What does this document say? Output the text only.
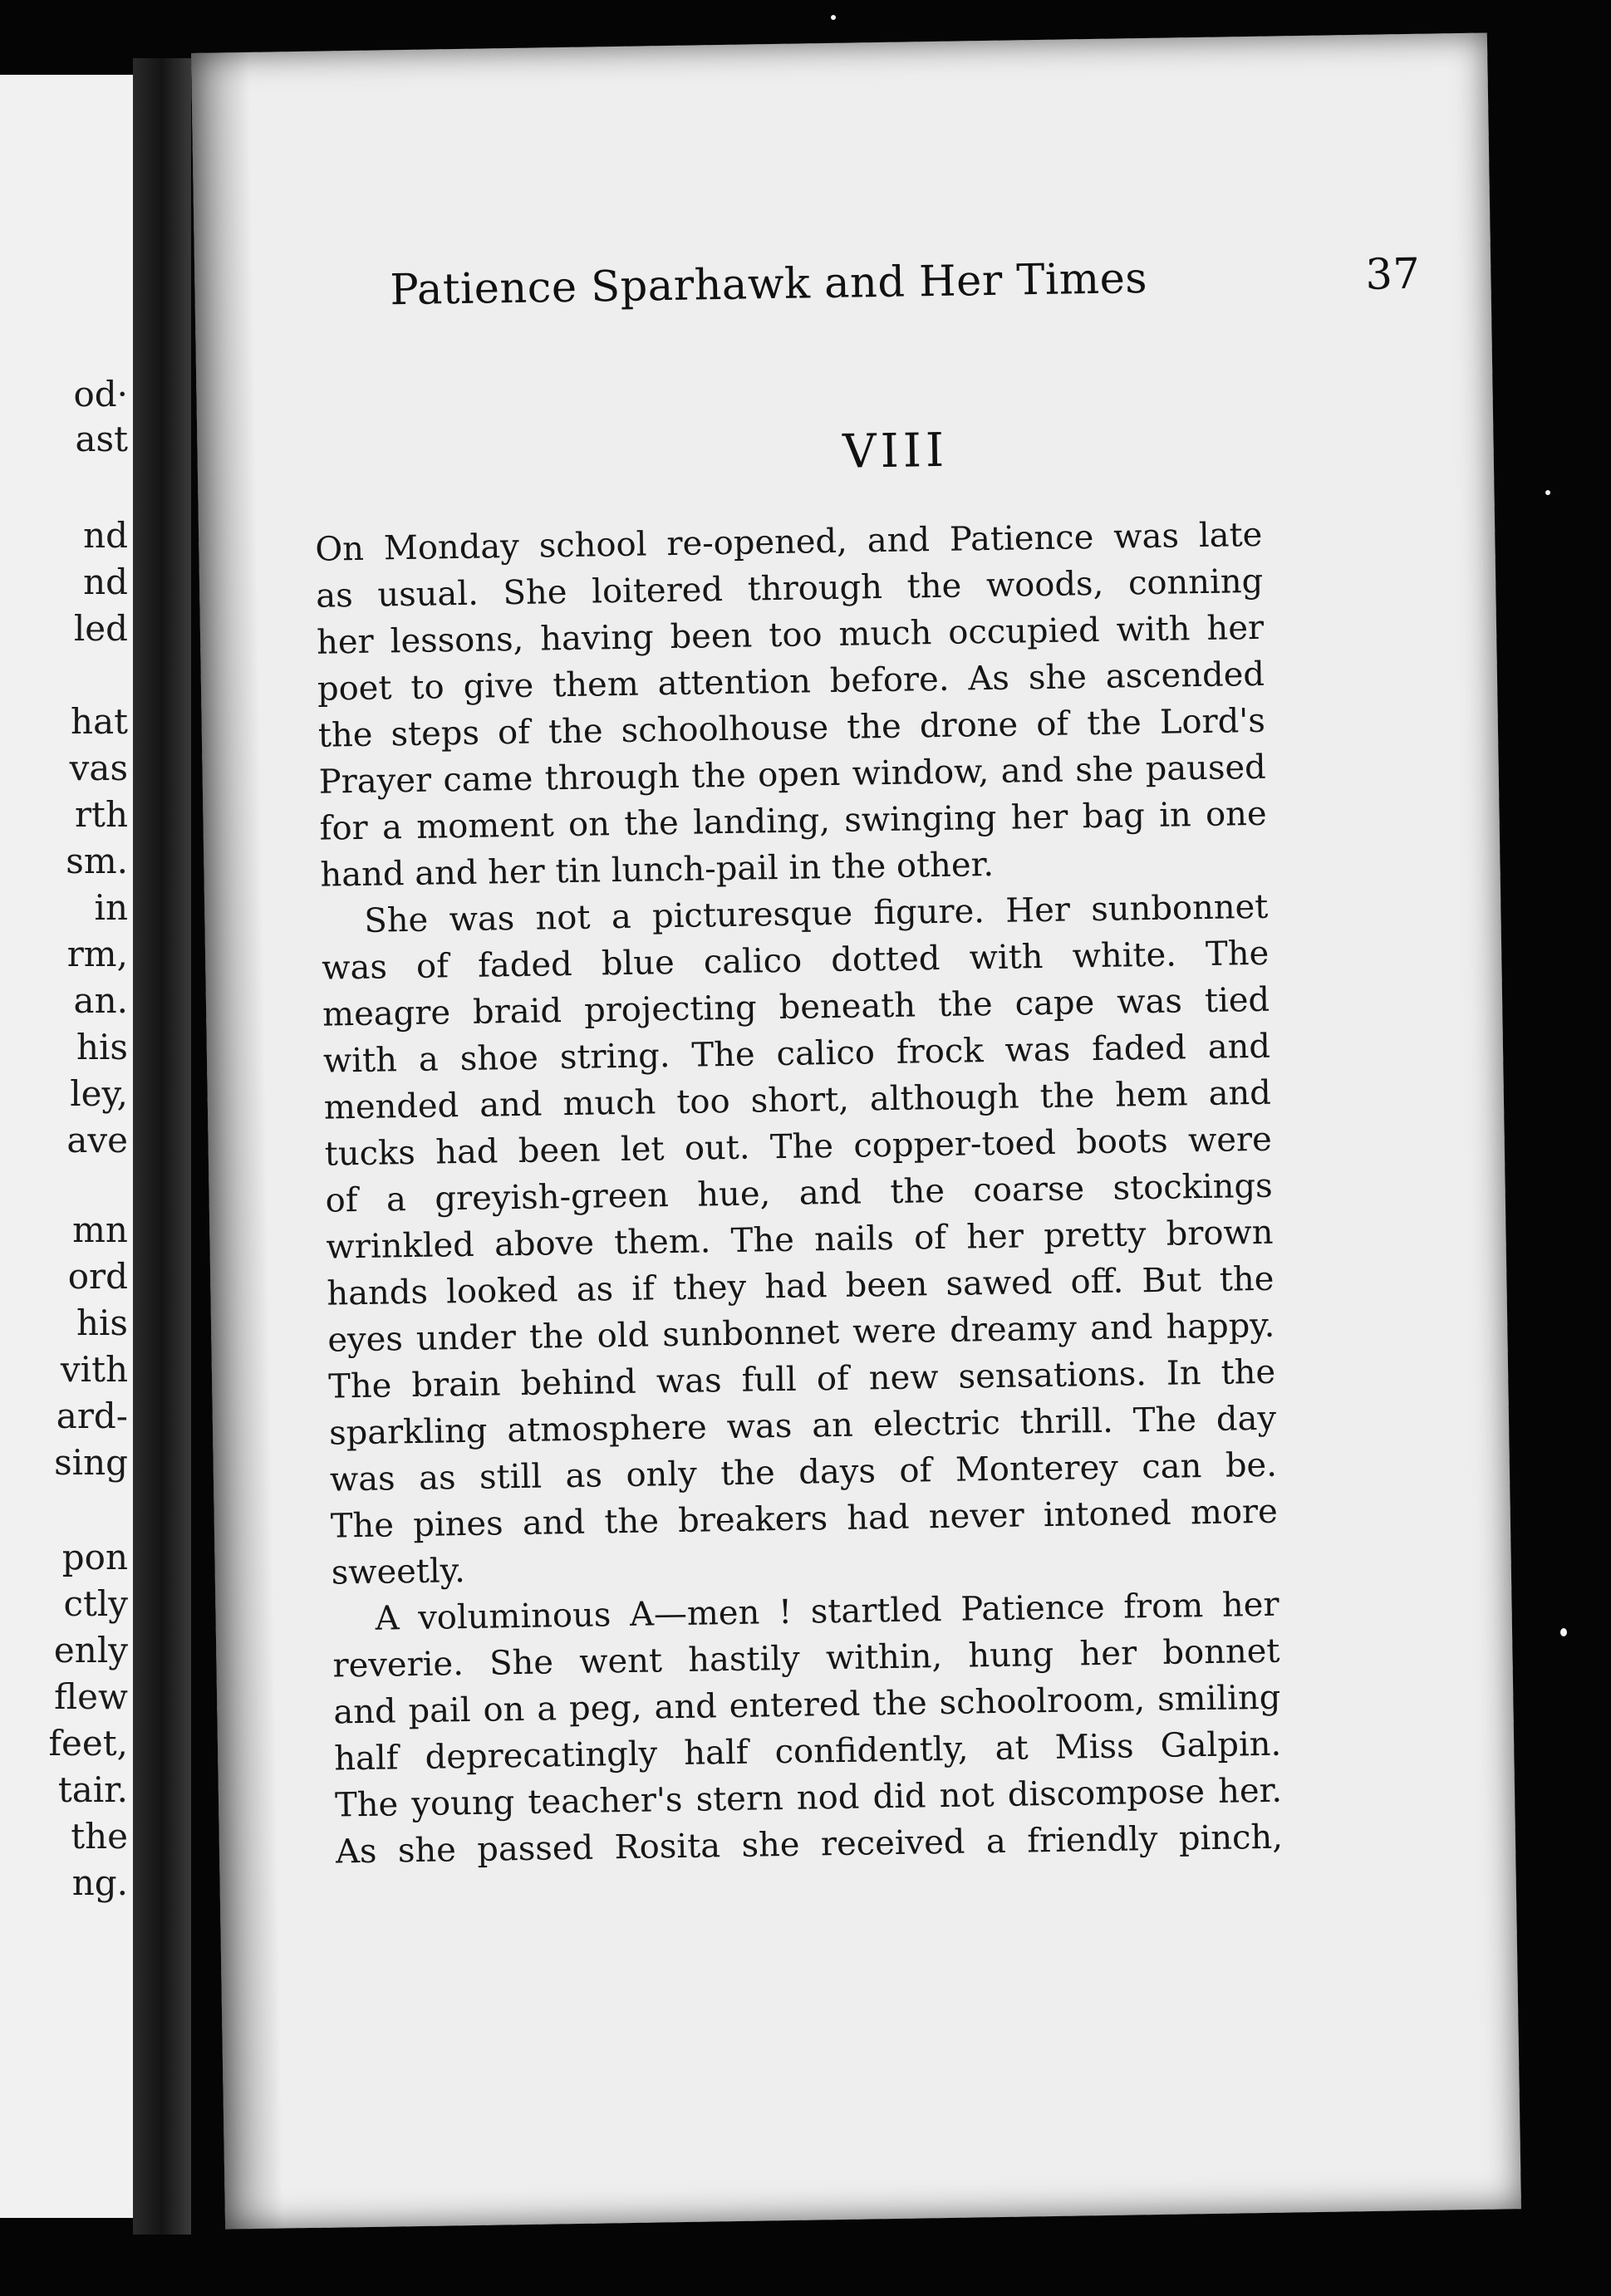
od·
ast
nd
nd
led
hat
vas
rth
sm.
in
rm,
an.
his
ley,
ave
mn
ord
his
vith
ard-
sing
pon
ctly
enly
flew
feet,
tair.
the
ng.
Patience Sparhawk and Her Times	37
VIII
On Monday school re-opened, and Patience was late
as usual. She loitered through the woods, conning
her lessons, having been too much occupied with her
poet to give them attention before. As she ascended
the steps of the schoolhouse the drone of the Lord's
Prayer came through the open window, and she paused
for a moment on the landing, swinging her bag in one
hand and her tin lunch-pail in the other.
She was not a picturesque figure. Her sunbonnet
was of faded blue calico dotted with white. The
meagre braid projecting beneath the cape was tied
with a shoe string. The calico frock was faded and
mended and much too short, although the hem and
tucks had been let out. The copper-toed boots were
of a greyish-green hue, and the coarse stockings
wrinkled above them. The nails of her pretty brown
hands looked as if they had been sawed off. But the
eyes under the old sunbonnet were dreamy and happy.
The brain behind was full of new sensations. In the
sparkling atmosphere was an electric thrill. The day
was as still as only the days of Monterey can be.
The pines and the breakers had never intoned more
sweetly.
A voluminous A—men ! startled Patience from her
reverie. She went hastily within, hung her bonnet
and pail on a peg, and entered the schoolroom, smiling
half deprecatingly half confidently, at Miss Galpin.
The young teacher's stern nod did not discompose her.
As she passed Rosita she received a friendly pinch,
